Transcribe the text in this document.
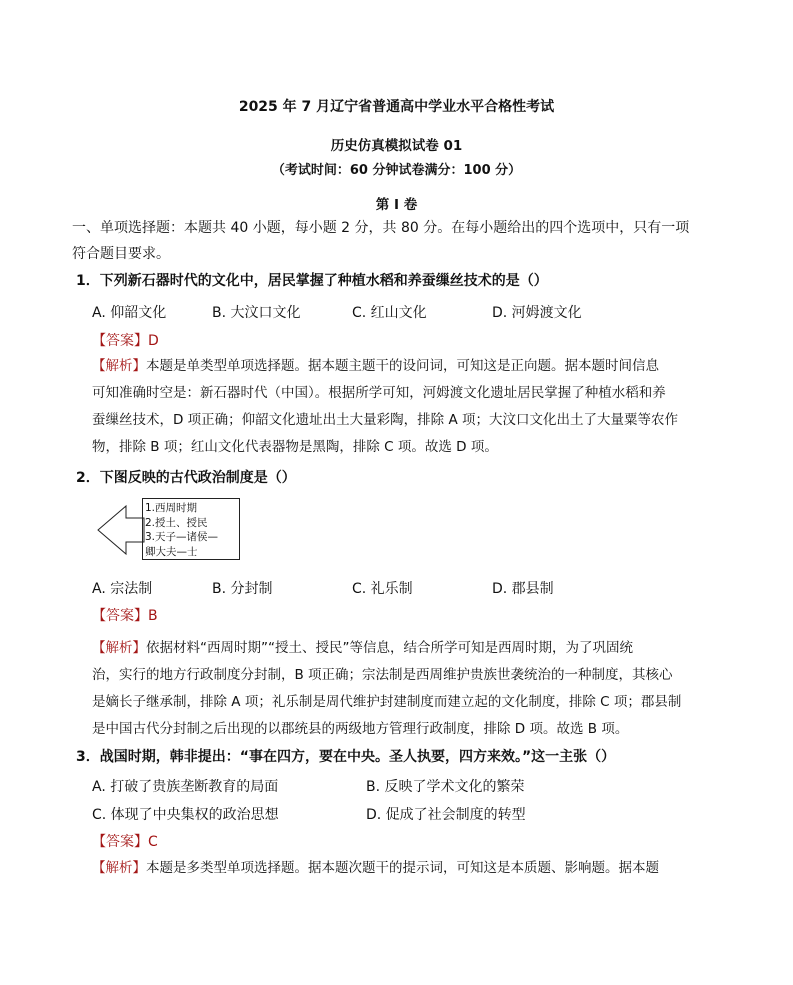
2025 年 7 月辽宁省普通高中学业水平合格性考试
历史仿真模拟试卷 01
（考试时间：60 分钟试卷满分：100 分）
第 I 卷
一、单项选择题：本题共 40 小题，每小题 2 分，共 80 分。在每小题给出的四个选项中，只有一项
符合题目要求。
1．下列新石器时代的文化中，居民掌握了种植水稻和养蚕缫丝技术的是（）
A. 仰韶文化	B. 大汶口文化	C. 红山文化	D. 河姆渡文化
【答案】D
【解析】本题是单类型单项选择题。据本题主题干的设问词，可知这是正向题。据本题时间信息
可知准确时空是：新石器时代（中国）。根据所学可知，河姆渡文化遗址居民掌握了种植水稻和养
蚕缫丝技术，D 项正确；仰韶文化遗址出土大量彩陶，排除 A 项；大汶口文化出土了大量粟等农作
物，排除 B 项；红山文化代表器物是黑陶，排除 C 项。故选 D 项。
2．下图反映的古代政治制度是（）
1.西周时期
2.授土、授民
3.天子—诸侯—
卿大夫—士
A. 宗法制	B. 分封制	C. 礼乐制	D. 郡县制
【答案】B
【解析】依据材料“西周时期”“授土、授民”等信息，结合所学可知是西周时期，为了巩固统
治，实行的地方行政制度分封制，B 项正确；宗法制是西周维护贵族世袭统治的一种制度，其核心
是嫡长子继承制，排除 A 项；礼乐制是周代维护封建制度而建立起的文化制度，排除 C 项；郡县制
是中国古代分封制之后出现的以郡统县的两级地方管理行政制度，排除 D 项。故选 B 项。
3．战国时期，韩非提出：“事在四方，要在中央。圣人执要，四方来效。”这一主张（）
A. 打破了贵族垄断教育的局面	B. 反映了学术文化的繁荣
C. 体现了中央集权的政治思想	D. 促成了社会制度的转型
【答案】C
【解析】本题是多类型单项选择题。据本题次题干的提示词，可知这是本质题、影响题。据本题
